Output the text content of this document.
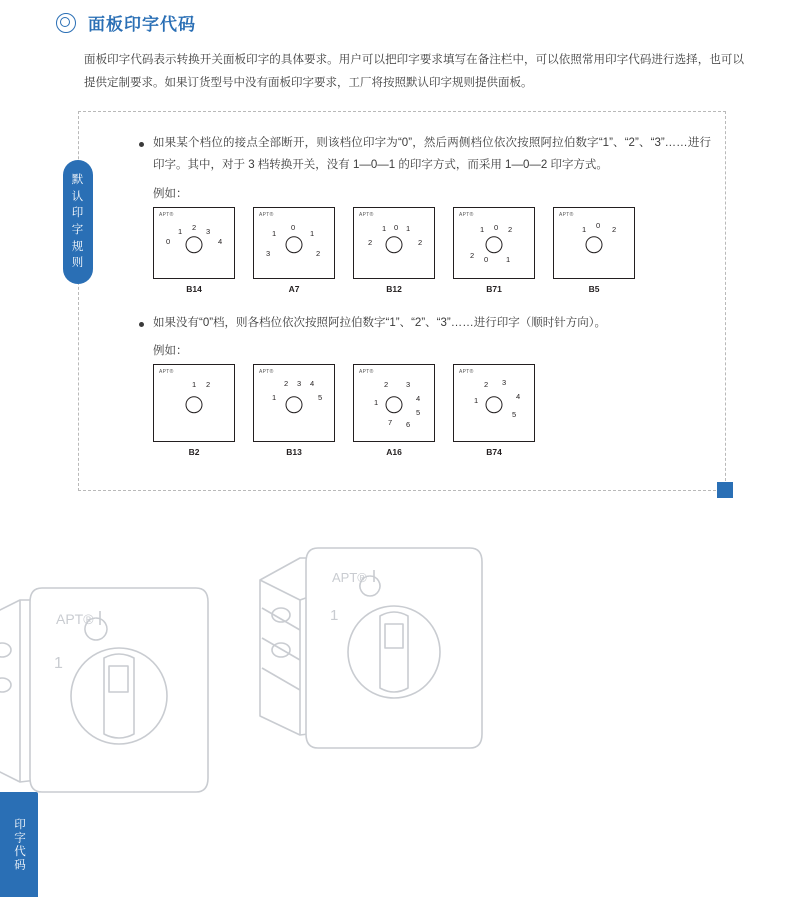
面板印字代码
面板印字代码表示转换开关面板印字的具体要求。用户可以把印字要求填写在备注栏中，可以依照常用印字代码进行选择，也可以提供定制要求。如果订货型号中没有面板印字要求，工厂将按照默认印字规则提供面板。
默
认
印
字
规
则
如果某个档位的接点全部断开，则该档位印字为“0”，然后两侧档位依次按照阿拉伯数字“1”、“2”、“3”……进行印字。其中，对于 3 档转换开关，没有 1—0—1 的印字方式，而采用 1—0—2 印字方式。
例如：
APT®
0
1 2 3
4
B14
APT®
1
0
1
3	2
A7
APT®
1 0 1
2	2
B12
APT®
1 0 2
2 0 1
B71
APT®
1 0 2
B5
如果没有“0”档，则各档位依次按照阿拉伯数字“1”、“2”、“3”……进行印字（顺时针方向）。
例如：
APT®
1 2
B2
APT®
2 3 4
1	5
B13
APT®
2 3
1	4
5
7 6
A16
APT®
2 3
1	4
5
B74
APT®
1
APT®
1
印字代码
